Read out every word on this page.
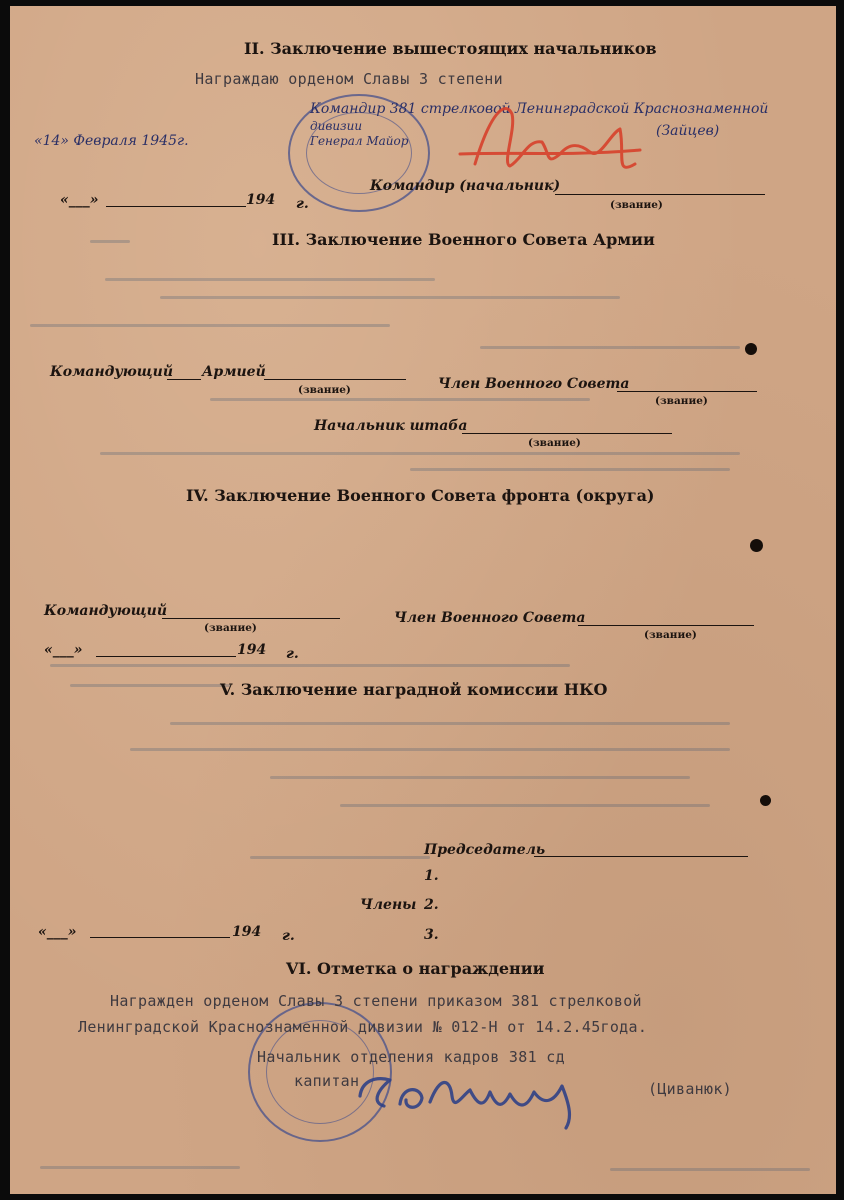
II. Заключение вышестоящих начальников
Награждаю орденом Славы 3 степени
Командир 381 стрелковой Ленинградской Краснознаменной
дивизии
Генерал Майор
«14» Февраля 1945г.
(Зайцев)
«___»	194 г.
Командир (начальник)
(звание)
III. Заключение Военного Совета Армии
Командующий Армией
(звание)	Член Военного Совета
(звание)
Начальник штаба
(звание)
IV. Заключение Военного Совета фронта (округа)
Командующий
(звание)
Член Военного Совета
(звание)
«___»	194 г.
V. Заключение наградной комиссии НКО
Председатель
1.
Члены 2.
3.
«___»	194 г.
VI. Отметка о награждении
Награжден орденом Славы 3 степени приказом 381 стрелковой
Ленинградской Краснознаменной дивизии № 012-Н от 14.2.45года.
Начальник отделения кадров 381 сд
капитан	(Циванюк)
